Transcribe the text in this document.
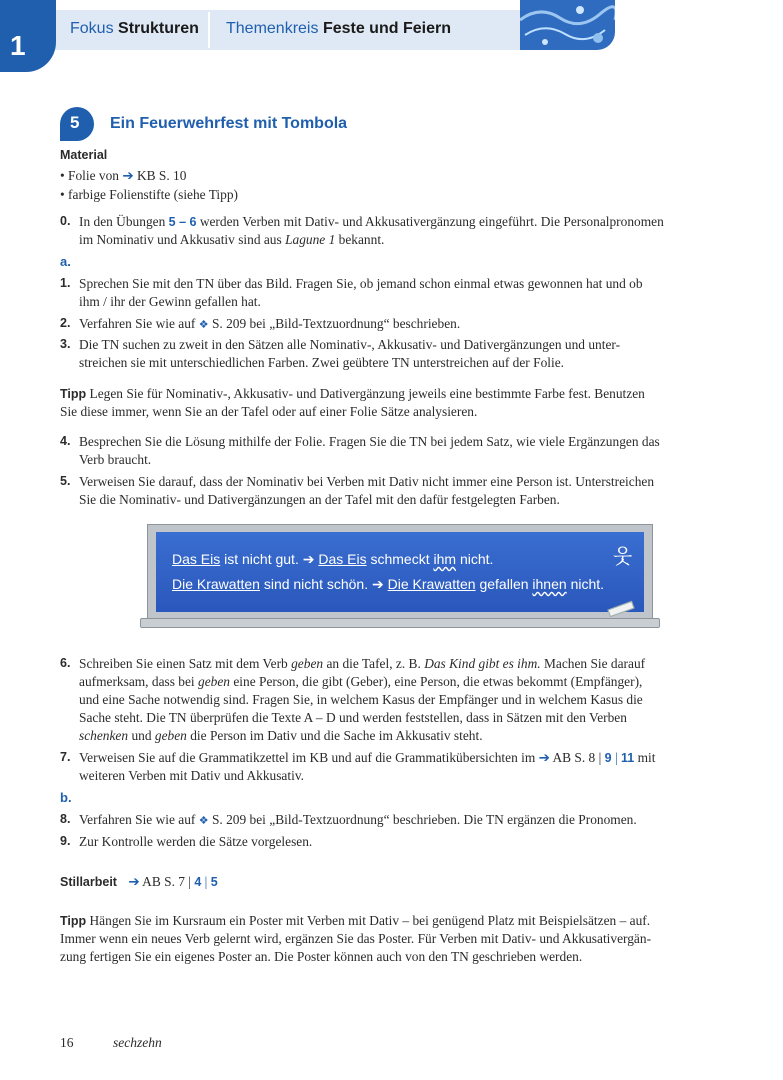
1
Fokus Strukturen Themenkreis Feste und Feiern
5 Ein Feuerwehrfest mit Tombola
Material
• Folie von ➔ KB S. 10
• farbige Folienstifte (siehe Tipp)
0. In den Übungen 5 – 6 werden Verben mit Dativ- und Akkusativergänzung eingeführt. Die Personalpronomen
im Nominativ und Akkusativ sind aus Lagune 1 bekannt.
a.
1. Sprechen Sie mit den TN über das Bild. Fragen Sie, ob jemand schon einmal etwas gewonnen hat und ob
ihm / ihr der Gewinn gefallen hat.
2. Verfahren Sie wie auf ❖ S. 209 bei „Bild-Textzuordnung“ beschrieben.
3. Die TN suchen zu zweit in den Sätzen alle Nominativ-, Akkusativ- und Dativergänzungen und unter-
streichen sie mit unterschiedlichen Farben. Zwei geübtere TN unterstreichen auf der Folie.
Tipp Legen Sie für Nominativ-, Akkusativ- und Dativergänzung jeweils eine bestimmte Farbe fest. Benutzen
Sie diese immer, wenn Sie an der Tafel oder auf einer Folie Sätze analysieren.
4. Besprechen Sie die Lösung mithilfe der Folie. Fragen Sie die TN bei jedem Satz, wie viele Ergänzungen das
Verb braucht.
5. Verweisen Sie darauf, dass der Nominativ bei Verben mit Dativ nicht immer eine Person ist. Unterstreichen
Sie die Nominativ- und Dativergänzungen an der Tafel mit den dafür festgelegten Farben.
Das Eis ist nicht gut. ➔ Das Eis schmeckt ihm nicht.
Die Krawatten sind nicht schön. ➔ Die Krawatten gefallen ihnen nicht.
웃
6. Schreiben Sie einen Satz mit dem Verb geben an die Tafel, z. B. Das Kind gibt es ihm. Machen Sie darauf
aufmerksam, dass bei geben eine Person, die gibt (Geber), eine Person, die etwas bekommt (Empfänger),
und eine Sache notwendig sind. Fragen Sie, in welchem Kasus der Empfänger und in welchem Kasus die
Sache steht. Die TN überprüfen die Texte A – D und werden feststellen, dass in Sätzen mit den Verben
schenken und geben die Person im Dativ und die Sache im Akkusativ steht.
7. Verweisen Sie auf die Grammatikzettel im KB und auf die Grammatikübersichten im ➔ AB S. 8 | 9 | 11 mit
weiteren Verben mit Dativ und Akkusativ.
b.
8. Verfahren Sie wie auf ❖ S. 209 bei „Bild-Textzuordnung“ beschrieben. Die TN ergänzen die Pronomen.
9. Zur Kontrolle werden die Sätze vorgelesen.
Stillarbeit ➔ AB S. 7 | 4 | 5
Tipp Hängen Sie im Kursraum ein Poster mit Verben mit Dativ – bei genügend Platz mit Beispielsätzen – auf.
Immer wenn ein neues Verb gelernt wird, ergänzen Sie das Poster. Für Verben mit Dativ- und Akkusativergän-
zung fertigen Sie ein eigenes Poster an. Die Poster können auch von den TN geschrieben werden.
16	sechzehn
